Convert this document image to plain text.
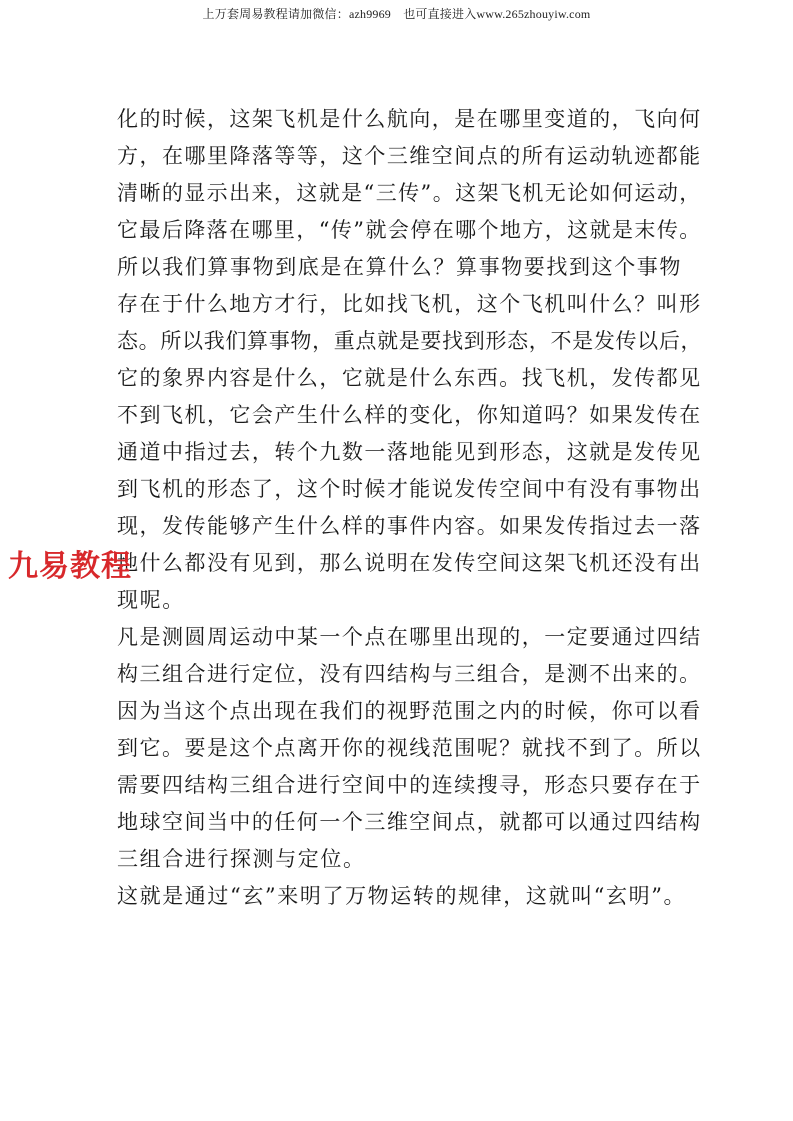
上万套周易教程请加微信：azh9969　也可直接进入www.265zhouyiw.com
化的时候，这架飞机是什么航向，是在哪里变道的，飞向何
方，在哪里降落等等，这个三维空间点的所有运动轨迹都能
清晰的显示出来，这就是“三传”。这架飞机无论如何运动，
它最后降落在哪里，“传”就会停在哪个地方，这就是末传。
所以我们算事物到底是在算什么？算事物要找到这个事物
存在于什么地方才行，比如找飞机，这个飞机叫什么？叫形
态。所以我们算事物，重点就是要找到形态，不是发传以后，
它的象界内容是什么，它就是什么东西。找飞机，发传都见
不到飞机，它会产生什么样的变化，你知道吗？如果发传在
通道中指过去，转个九数一落地能见到形态，这就是发传见
到飞机的形态了，这个时候才能说发传空间中有没有事物出
现，发传能够产生什么样的事件内容。如果发传指过去一落
地什么都没有见到，那么说明在发传空间这架飞机还没有出
现呢。
凡是测圆周运动中某一个点在哪里出现的，一定要通过四结
构三组合进行定位，没有四结构与三组合，是测不出来的。
因为当这个点出现在我们的视野范围之内的时候，你可以看
到它。要是这个点离开你的视线范围呢？就找不到了。所以
需要四结构三组合进行空间中的连续搜寻，形态只要存在于
地球空间当中的任何一个三维空间点，就都可以通过四结构
三组合进行探测与定位。
这就是通过“玄”来明了万物运转的规律，这就叫“玄明”。
九易教程
